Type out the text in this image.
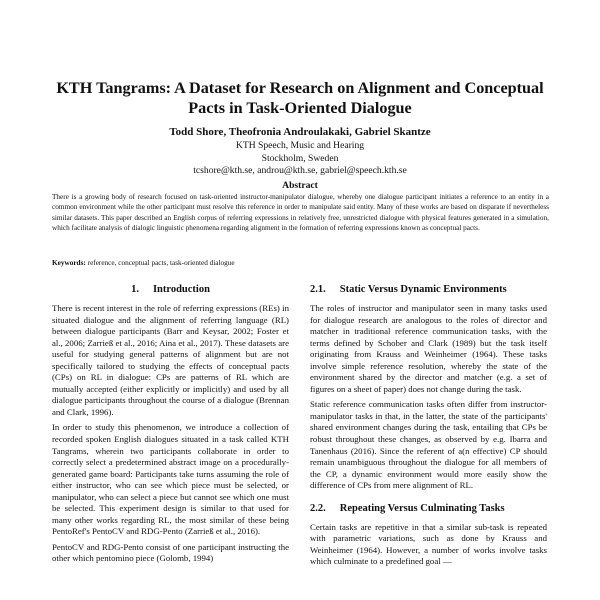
KTH Tangrams: A Dataset for Research on Alignment and Conceptual Pacts in Task-Oriented Dialogue
Todd Shore, Theofronia Androulakaki, Gabriel Skantze
KTH Speech, Music and Hearing
Stockholm, Sweden
tcshore@kth.se, androu@kth.se, gabriel@speech.kth.se
Abstract
There is a growing body of research focused on task-oriented instructor-manipulator dialogue, whereby one dialogue participant initiates a reference to an entity in a common environment while the other participant must resolve this reference in order to manipulate said entity. Many of these works are based on disparate if nevertheless similar datasets. This paper described an English corpus of referring expressions in relatively free, unrestricted dialogue with physical features generated in a simulation, which facilitate analysis of dialogic linguistic phenomena regarding alignment in the formation of referring expressions known as conceptual pacts.
Keywords: reference, conceptual pacts, task-oriented dialogue
1. Introduction

There is recent interest in the role of referring expressions (REs) in situated dialogue and the alignment of referring language (RL) between dialogue participants (Barr and Keysar, 2002; Foster et al., 2006; Zarrieß et al., 2016; Aina et al., 2017). These datasets are useful for studying general patterns of alignment but are not specifically tailored to studying the effects of conceptual pacts (CPs) on RL in dialogue: CPs are patterns of RL which are mutually accepted (either explicitly or implicitly) and used by all dialogue participants throughout the course of a dialogue (Brennan and Clark, 1996).

In order to study this phenomenon, we introduce a collection of recorded spoken English dialogues situated in a task called KTH Tangrams, wherein two participants collaborate in order to correctly select a predetermined abstract image on a procedurally-generated game board: Participants take turns assuming the role of either instructor, who can see which piece must be selected, or manipulator, who can select a piece but cannot see which one must be selected. This experiment design is similar to that used for many other works regarding RL, the most similar of these being PentoRef's PentoCV and RDG-Pento (Zarrieß et al., 2016).

PentoCV and RDG-Pento consist of one participant instructing the other which pentomino piece (Golomb, 1994)

2.1. Static Versus Dynamic Environments

The roles of instructor and manipulator seen in many tasks used for dialogue research are analogous to the roles of director and matcher in traditional reference communication tasks, with the terms defined by Schober and Clark (1989) but the task itself originating from Krauss and Weinheimer (1964). These tasks involve simple reference resolution, whereby the state of the environment shared by the director and matcher (e.g. a set of figures on a sheet of paper) does not change during the task.

Static reference communication tasks often differ from instructor-manipulator tasks in that, in the latter, the state of the participants' shared environment changes during the task, entailing that CPs be robust throughout these changes, as observed by e.g. Ibarra and Tanenhaus (2016). Since the referent of a(n effective) CP should remain unambiguous throughout the dialogue for all members of the CP, a dynamic environment would more easily show the difference of CPs from mere alignment of RL.

2.2. Repeating Versus Culminating Tasks

Certain tasks are repetitive in that a similar sub-task is repeated with parametric variations, such as done by Krauss and Weinheimer (1964). However, a number of works involve tasks which culminate to a predefined goal —
